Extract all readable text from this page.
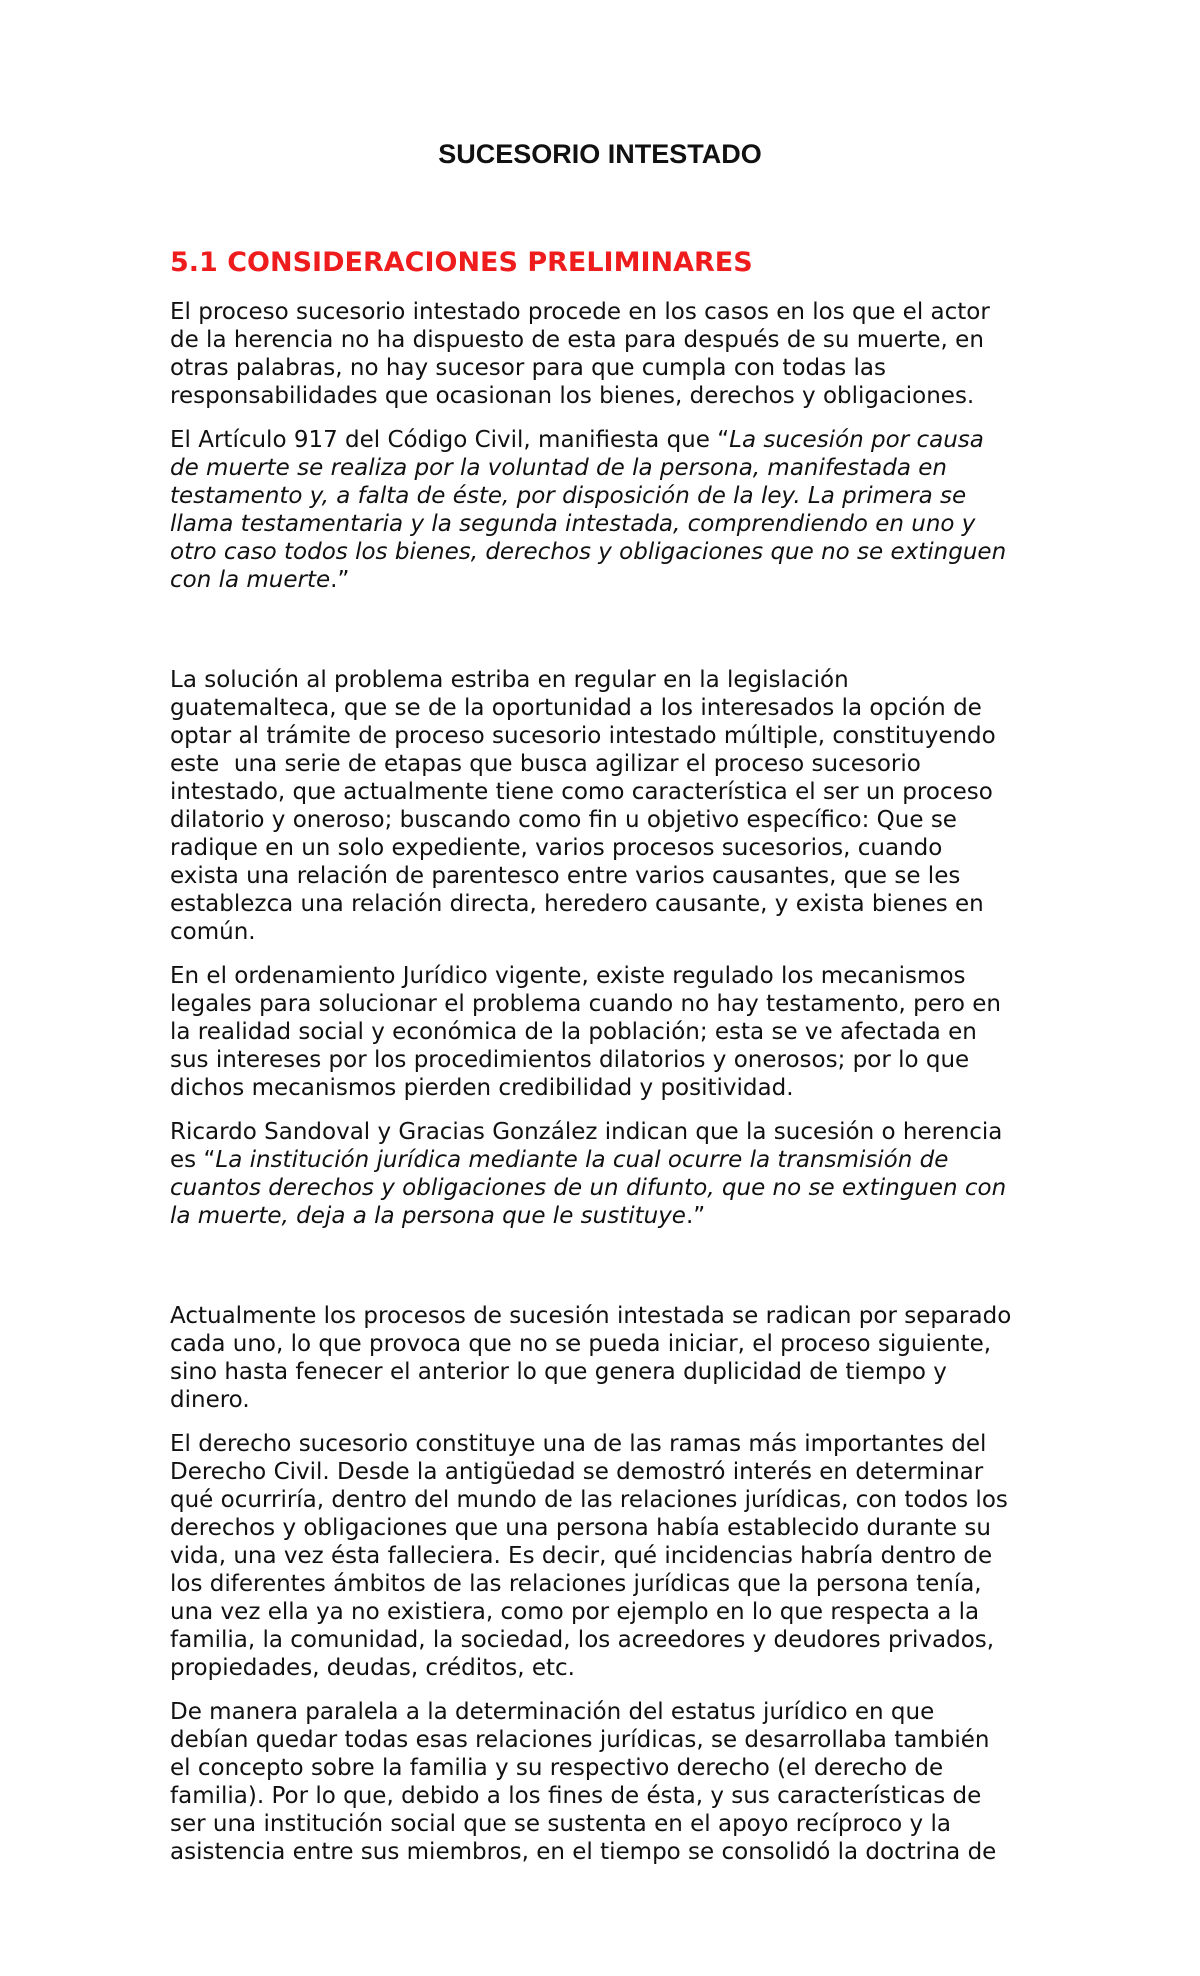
SUCESORIO INTESTADO
5.1 CONSIDERACIONES PRELIMINARES

El proceso sucesorio intestado procede en los casos en los que el actor
de la herencia no ha dispuesto de esta para después de su muerte, en
otras palabras, no hay sucesor para que cumpla con todas las
responsabilidades que ocasionan los bienes, derechos y obligaciones.

El Artículo 917 del Código Civil, manifiesta que “La sucesión por causa
de muerte se realiza por la voluntad de la persona, manifestada en
testamento y, a falta de éste, por disposición de la ley. La primera se
llama testamentaria y la segunda intestada, comprendiendo en uno y
otro caso todos los bienes, derechos y obligaciones que no se extinguen
con la muerte.”

La solución al problema estriba en regular en la legislación
guatemalteca, que se de la oportunidad a los interesados la opción de
optar al trámite de proceso sucesorio intestado múltiple, constituyendo
este  una serie de etapas que busca agilizar el proceso sucesorio
intestado, que actualmente tiene como característica el ser un proceso
dilatorio y oneroso; buscando como fin u objetivo específico: Que se
radique en un solo expediente, varios procesos sucesorios, cuando
exista una relación de parentesco entre varios causantes, que se les
establezca una relación directa, heredero causante, y exista bienes en
común.

En el ordenamiento Jurídico vigente, existe regulado los mecanismos
legales para solucionar el problema cuando no hay testamento, pero en
la realidad social y económica de la población; esta se ve afectada en
sus intereses por los procedimientos dilatorios y onerosos; por lo que
dichos mecanismos pierden credibilidad y positividad.

Ricardo Sandoval y Gracias González indican que la sucesión o herencia
es “La institución jurídica mediante la cual ocurre la transmisión de
cuantos derechos y obligaciones de un difunto, que no se extinguen con
la muerte, deja a la persona que le sustituye.”

Actualmente los procesos de sucesión intestada se radican por separado
cada uno, lo que provoca que no se pueda iniciar, el proceso siguiente,
sino hasta fenecer el anterior lo que genera duplicidad de tiempo y
dinero.

El derecho sucesorio constituye una de las ramas más importantes del
Derecho Civil. Desde la antigüedad se demostró interés en determinar
qué ocurriría, dentro del mundo de las relaciones jurídicas, con todos los
derechos y obligaciones que una persona había establecido durante su
vida, una vez ésta falleciera. Es decir, qué incidencias habría dentro de
los diferentes ámbitos de las relaciones jurídicas que la persona tenía,
una vez ella ya no existiera, como por ejemplo en lo que respecta a la
familia, la comunidad, la sociedad, los acreedores y deudores privados,
propiedades, deudas, créditos, etc.

De manera paralela a la determinación del estatus jurídico en que
debían quedar todas esas relaciones jurídicas, se desarrollaba también
el concepto sobre la familia y su respectivo derecho (el derecho de
familia). Por lo que, debido a los fines de ésta, y sus características de
ser una institución social que se sustenta en el apoyo recíproco y la
asistencia entre sus miembros, en el tiempo se consolidó la doctrina de
